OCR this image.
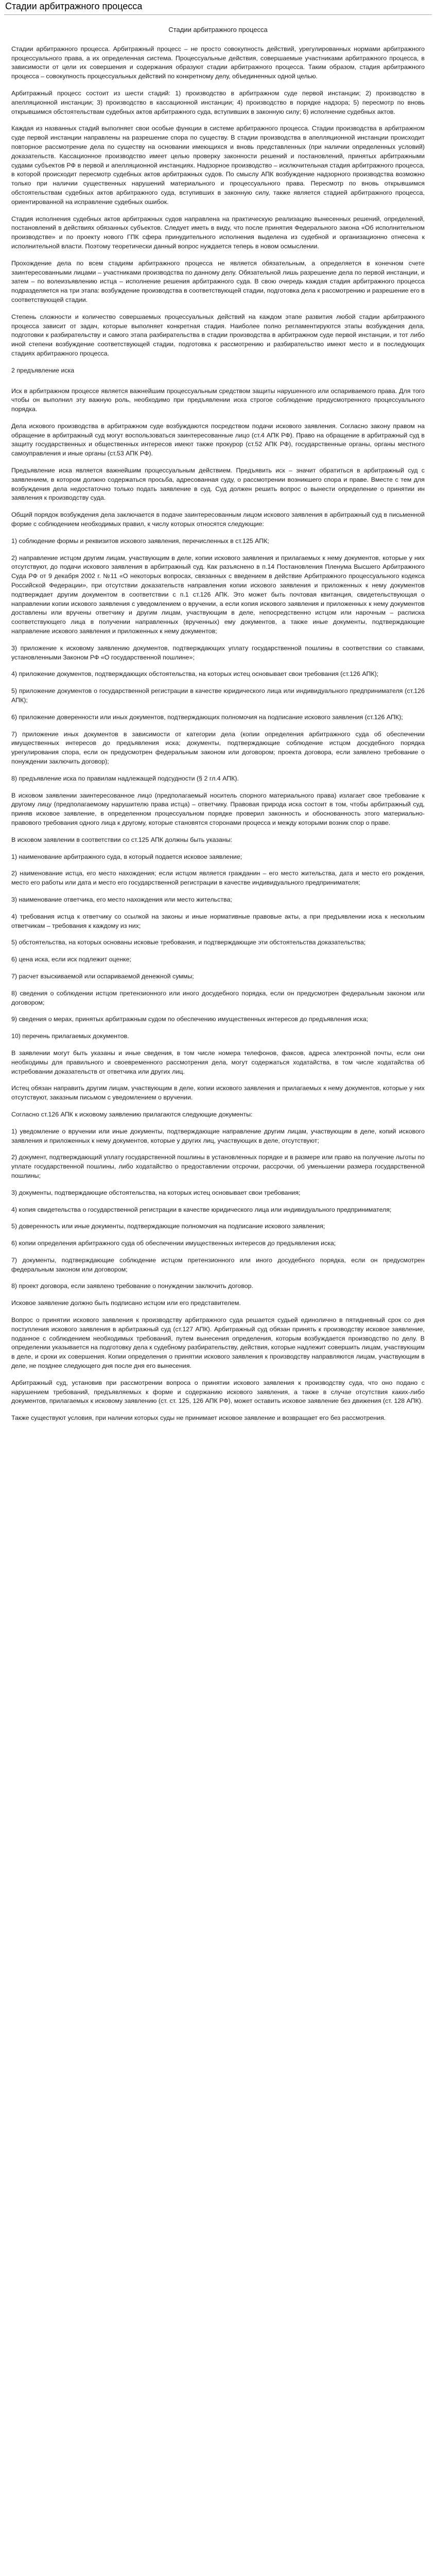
Стадии арбитражного процесса
Стадии арбитражного процесса

Стадии арбитражного процесса. Арбитражный процесс – не просто совокупность действий, урегулированных нормами арбитражного процессуального права, а их определенная система. Процессуальные действия, совершаемые участниками арбитражного процесса, в зависимости от цели их совершения и содержания образуют стадии арбитражного процесса. Таким образом, стадия арбитражного процесса – совокупность процессуальных действий по конкретному делу, объединенных одной целью.

Арбитражный процесс состоит из шести стадий: 1) производство в арбитражном суде первой инстанции; 2) производство в апелляционной инстанции; 3) производство в кассационной инстанции; 4) производство в порядке надзора; 5) пересмотр по вновь открывшимся обстоятельствам судебных актов арбитражного суда, вступивших в законную силу; 6) исполнение судебных актов.

Каждая из названных стадий выполняет свои особые функции в системе арбитражного процесса. Стадии производства в арбитражном суде первой инстанции направлены на разрешение спора по существу. В стадии производства в апелляционной инстанции происходит повторное рассмотрение дела по существу на основании имеющихся и вновь представленных (при наличии определенных условий) доказательств. Кассационное производство имеет целью проверку законности решений и постановлений, принятых арбитражными судами субъектов РФ в первой и апелляционной инстанциях. Надзорное производство – исключительная стадия арбитражного процесса, в которой происходит пересмотр судебных актов арбитражных судов. По смыслу АПК возбуждение надзорного производства возможно только при наличии существенных нарушений материального и процессуального права. Пересмотр по вновь открывшимся обстоятельствам судебных актов арбитражного суда, вступивших в законную силу, также является стадией арбитражного процесса, ориентированной на исправление судебных ошибок.

Стадия исполнения судебных актов арбитражных судов направлена на практическую реализацию вынесенных решений, определений, постановлений в действиях обязанных субъектов. Следует иметь в виду, что после принятия Федерального закона «Об исполнительном производстве» и по проекту нового ГПК сфера принудительного исполнения выделена из судебной и организационно отнесена к исполнительной власти. Поэтому теоретически данный вопрос нуждается теперь в новом осмыслении.

Прохождение дела по всем стадиям арбитражного процесса не является обязательным, а определяется в конечном счете заинтересованными лицами – участниками производства по данному делу. Обязательной лишь разрешение дела по первой инстанции, и затем – по волеизъявлению истца – исполнение решения арбитражного суда. В свою очередь каждая стадия арбитражного процесса подразделяется на три этапа: возбуждение производства в соответствующей стадии, подготовка дела к рассмотрению и разрешение его в соответствующей стадии.

Степень сложности и количество совершаемых процессуальных действий на каждом этапе развития любой стадии арбитражного процесса зависит от задач, которые выполняет конкретная стадия. Наиболее полно регламентируются этапы возбуждения дела, подготовки к разбирательству и самого этапа разбирательства в стадии производства в арбитражном суде первой инстанции, и тот либо иной степени возбуждение соответствующей стадии, подготовка к рассмотрению и разбирательство имеют место и в последующих стадиях арбитражного процесса.

2 предъявление иска

Иск в арбитражном процессе является важнейшим процессуальным средством защиты нарушенного или оспариваемого права. Для того чтобы он выполнил эту важную роль, необходимо при предъявлении иска строгое соблюдение предусмотренного процессуального порядка.

Дела искового производства в арбитражном суде возбуждаются посредством подачи искового заявления. Согласно закону правом на обращение в арбитражный суд могут воспользоваться заинтересованные лицо (ст.4 АПК РФ). Право на обращение в арбитражный суд в защиту государственных и общественных интересов имеют также прокурор (ст.52 АПК РФ), государственные органы, органы местного самоуправления и иные органы (ст.53 АПК РФ).

Предъявление иска является важнейшим процессуальным действием. Предъявить иск – значит обратиться в арбитражный суд с заявлением, в котором должно содержаться просьба, адресованная суду, о рассмотрении возникшего спора и праве. Вместе с тем для возбуждения дела недостаточно только подать заявление в суд. Суд должен решить вопрос о вынести определение о принятии ин заявления к производству суда.

Общий порядок возбуждения дела заключается в подаче заинтересованным лицом искового заявления в арбитражный суд в письменной форме с соблюдением необходимых правил, к числу которых относятся следующие:

1) соблюдение формы и реквизитов искового заявления, перечисленных в ст.125 АПК;

2) направление истцом другим лицам, участвующим в деле, копии искового заявления и прилагаемых к нему документов, которые у них отсутствуют, до подачи искового заявления в арбитражный суд. Как разъяснено в п.14 Постановления Пленума Высшего Арбитражного Суда РФ от 9 декабря 2002 г. №11 «О некоторых вопросах, связанных с введением в действие Арбитражного процессуального кодекса Российской Федерации», при отсутствии доказательств направления копии искового заявления и приложенных к нему документов подтверждает другим документом в соответствии с п.1 ст.126 АПК. Это может быть почтовая квитанция, свидетельствующая о направлении копии искового заявления с уведомлением о вручении, а если копия искового заявления и приложенных к нему документов доставлены или вручены ответчику и другим лицам, участвующим в деле, непосредственно истцом или нарочным – расписка соответствующего лица в получении направленных (врученных) ему документов, а также иные документы, подтверждающие направление искового заявления и приложенных к нему документов;

3) приложение к исковому заявлению документов, подтверждающих уплату государственной пошлины в соответствии со ставками, установленными Законом РФ «О государственной пошлине»;

4) приложение документов, подтверждающих обстоятельства, на которых истец основывает свои требования (ст.126 АПК);

5) приложение документов о государственной регистрации в качестве юридического лица или индивидуального предпринимателя (ст.126 АПК);

6) приложение доверенности или иных документов, подтверждающих полномочия на подписание искового заявления (ст.126 АПК);

7) приложение иных документов в зависимости от категории дела (копии определения арбитражного суда об обеспечении имущественных интересов до предъявления иска; документы, подтверждающие соблюдение истцом досудебного порядка урегулирования спора, если он предусмотрен федеральным законом или договором; проекта договора, если заявлено требование о понуждении заключить договор);

8) предъявление иска по правилам надлежащей подсудности (§ 2 гл.4 АПК).

В исковом заявлении заинтересованное лицо (предполагаемый носитель спорного материального права) излагает свое требование к другому лицу (предполагаемому нарушителю права истца) – ответчику. Правовая природа иска состоит в том, чтобы арбитражный суд, приняв исковое заявление, в определенном процессуальном порядке проверил законность и обоснованность этого материально-правового требования одного лица к другому, которые становятся сторонами процесса и между которыми возник спор о праве.

В исковом заявлении в соответствии со ст.125 АПК должны быть указаны:

1) наименование арбитражного суда, в который подается исковое заявление;

2) наименование истца, его место нахождения; если истцом является гражданин – его место жительства, дата и место его рождения, место его работы или дата и место его государственной регистрации в качестве индивидуального предпринимателя;

3) наименование ответчика, его место нахождения или место жительства;

4) требования истца к ответчику со ссылкой на законы и иные нормативные правовые акты, а при предъявлении иска к нескольким ответчикам – требования к каждому из них;

5) обстоятельства, на которых основаны исковые требования, и подтверждающие эти обстоятельства доказательства;

6) цена иска, если иск подлежит оценке;

7) расчет взыскиваемой или оспариваемой денежной суммы;

8) сведения о соблюдении истцом претензионного или иного досудебного порядка, если он предусмотрен федеральным законом или договором;

9) сведения о мерах, принятых арбитражным судом по обеспечению имущественных интересов до предъявления иска;

10) перечень прилагаемых документов.

В заявлении могут быть указаны и иные сведения, в том числе номера телефонов, факсов, адреса электронной почты, если они необходимы для правильного и своевременного рассмотрения дела, могут содержаться ходатайства, в том числе ходатайства об истребовании доказательств от ответчика или других лиц.

Истец обязан направить другим лицам, участвующим в деле, копии искового заявления и прилагаемых к нему документов, которые у них отсутствуют, заказным письмом с уведомлением о вручении.

Согласно ст.126 АПК к исковому заявлению прилагаются следующие документы:

1) уведомление о вручении или иные документы, подтверждающие направление другим лицам, участвующим в деле, копий искового заявления и приложенных к нему документов, которые у других лиц, участвующих в деле, отсутствуют;

2) документ, подтверждающий уплату государственной пошлины в установленных порядке и в размере или право на получение льготы по уплате государственной пошлины, либо ходатайство о предоставлении отсрочки, рассрочки, об уменьшении размера государственной пошлины;

3) документы, подтверждающие обстоятельства, на которых истец основывает свои требования;

4) копия свидетельства о государственной регистрации в качестве юридического лица или индивидуального предпринимателя;

5) доверенность или иные документы, подтверждающие полномочия на подписание искового заявления;

6) копии определения арбитражного суда об обеспечении имущественных интересов до предъявления иска;

7) документы, подтверждающие соблюдение истцом претензионного или иного досудебного порядка, если он предусмотрен федеральным законом или договором;

8) проект договора, если заявлено требование о понуждении заключить договор.

Исковое заявление должно быть подписано истцом или его представителем.

Вопрос о принятии искового заявления к производству арбитражного суда решается судьей единолично в пятидневный срок со дня поступления искового заявления в арбитражный суд (ст.127 АПК). Арбитражный суд обязан принять к производству исковое заявление, поданное с соблюдением необходимых требований, путем вынесения определения, которым возбуждается производство по делу. В определении указывается на подготовку дела к судебному разбирательству, действия, которые надлежит совершить лицам, участвующим в деле, и сроки их совершения. Копии определения о принятии искового заявления к производству направляются лицам, участвующим в деле, не позднее следующего дня после дня его вынесения.

Арбитражный суд, установив при рассмотрении вопроса о принятии искового заявления к производству суда, что оно подано с нарушением требований, предъявляемых к форме и содержанию искового заявления, а также в случае отсутствия каких-либо документов, прилагаемых к исковому заявлению (ст. ст. 125, 126 АПК РФ), может оставить исковое заявление без движения (ст. 128 АПК).

Также существуют условия, при наличии которых суды не принимает исковое заявление и возвращает его без рассмотрения.
